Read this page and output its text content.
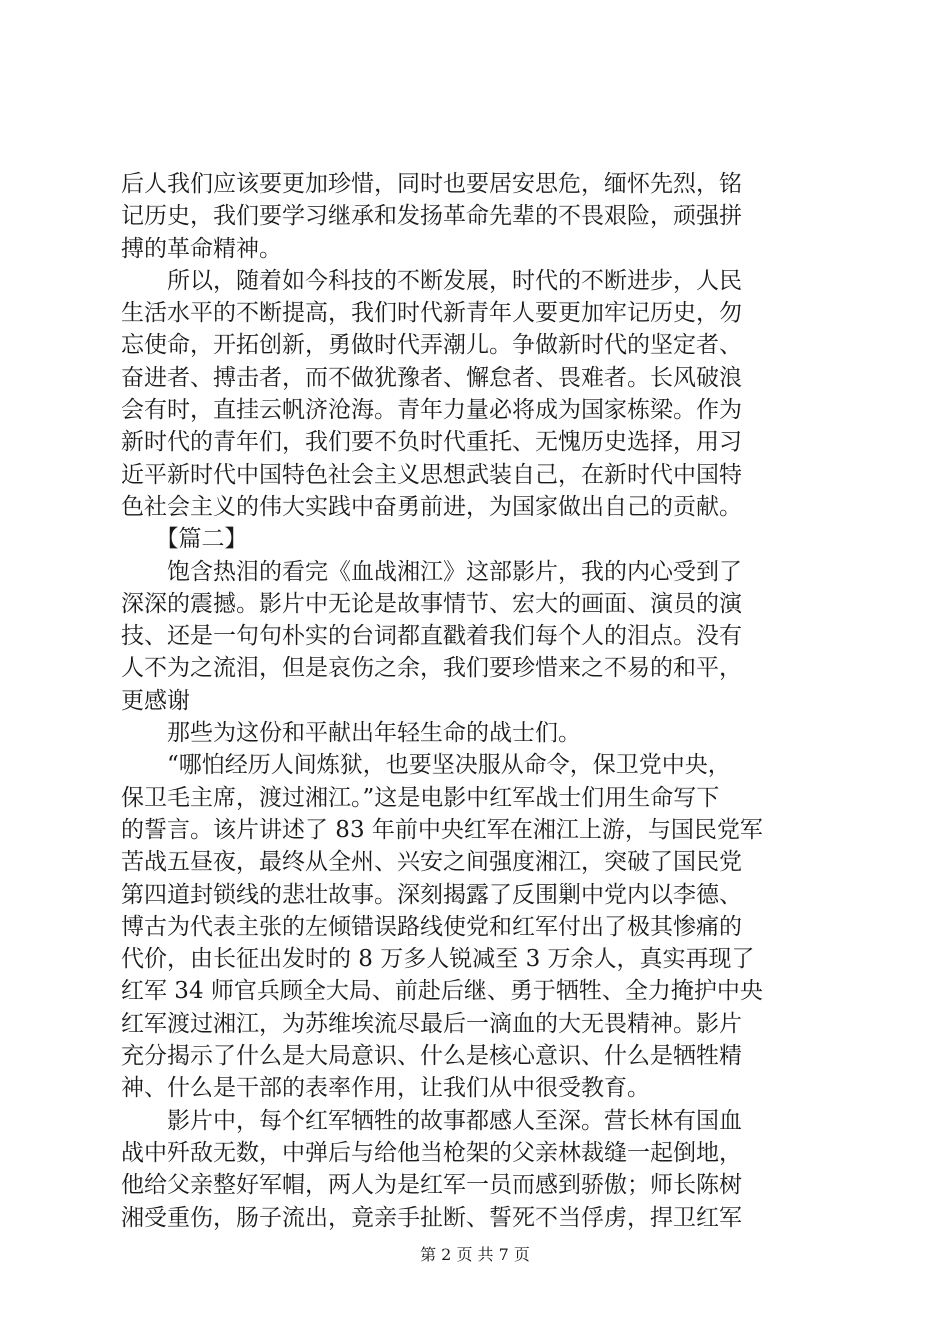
后人我们应该要更加珍惜，同时也要居安思危，缅怀先烈，铭
记历史，我们要学习继承和发扬革命先辈的不畏艰险，顽强拼
搏的革命精神。
　　所以，随着如今科技的不断发展，时代的不断进步，人民
生活水平的不断提高，我们时代新青年人要更加牢记历史，勿
忘使命，开拓创新，勇做时代弄潮儿。争做新时代的坚定者、
奋进者、搏击者，而不做犹豫者、懈怠者、畏难者。长风破浪
会有时，直挂云帆济沧海。青年力量必将成为国家栋梁。作为
新时代的青年们，我们要不负时代重托、无愧历史选择，用习
近平新时代中国特色社会主义思想武装自己，在新时代中国特
色社会主义的伟大实践中奋勇前进，为国家做出自己的贡献。
　　【篇二】
　　饱含热泪的看完《血战湘江》这部影片，我的内心受到了
深深的震撼。影片中无论是故事情节、宏大的画面、演员的演
技、还是一句句朴实的台词都直戳着我们每个人的泪点。没有
人不为之流泪，但是哀伤之余，我们要珍惜来之不易的和平，
更感谢
　　那些为这份和平献出年轻生命的战士们。
　　“哪怕经历人间炼狱，也要坚决服从命令，保卫党中央，
保卫毛主席，渡过湘江。”这是电影中红军战士们用生命写下
的誓言。该片讲述了 83 年前中央红军在湘江上游，与国民党军
苦战五昼夜，最终从全州、兴安之间强度湘江，突破了国民党
第四道封锁线的悲壮故事。深刻揭露了反围剿中党内以李德、
博古为代表主张的左倾错误路线使党和红军付出了极其惨痛的
代价，由长征出发时的 8 万多人锐减至 3 万余人，真实再现了
红军 34 师官兵顾全大局、前赴后继、勇于牺牲、全力掩护中央
红军渡过湘江，为苏维埃流尽最后一滴血的大无畏精神。影片
充分揭示了什么是大局意识、什么是核心意识、什么是牺牲精
神、什么是干部的表率作用，让我们从中很受教育。
　　影片中，每个红军牺牲的故事都感人至深。营长林有国血
战中歼敌无数，中弹后与给他当枪架的父亲林裁缝一起倒地，
他给父亲整好军帽，两人为是红军一员而感到骄傲；师长陈树
湘受重伤，肠子流出，竟亲手扯断、誓死不当俘虏，捍卫红军
第 2 页 共 7 页
